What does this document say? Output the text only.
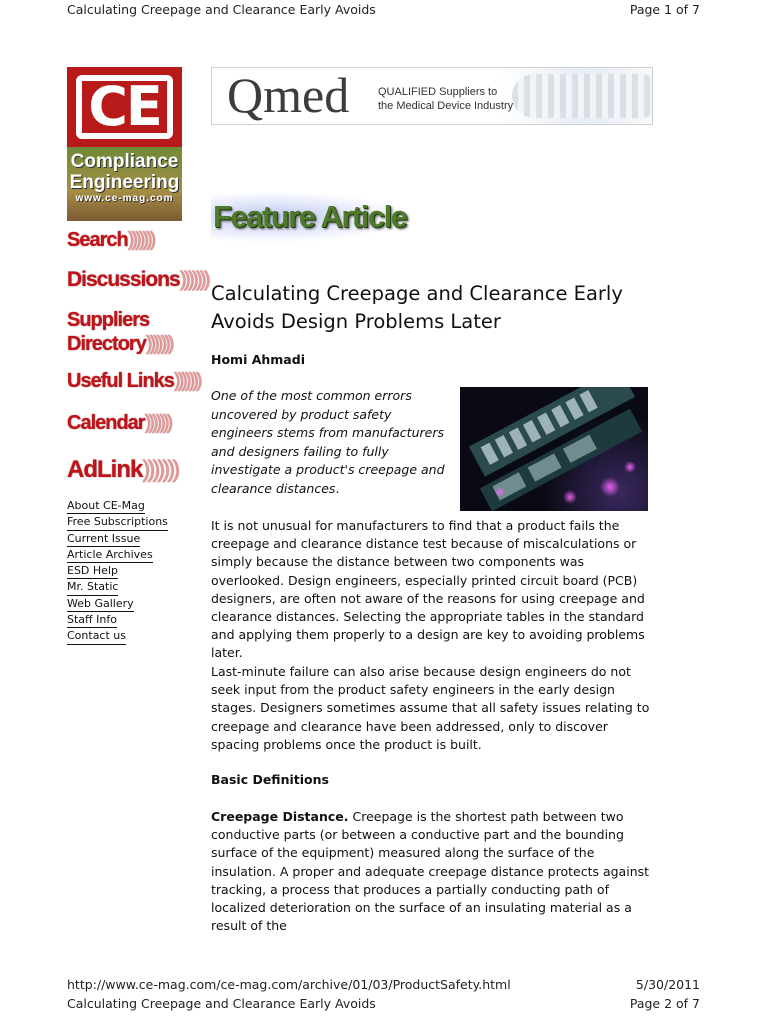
Calculating Creepage and Clearance Early Avoids	Page 1 of 7
CE
Compliance
Engineering
www.ce-mag.com
Search)))))))
Discussions)))))))
Suppliers
Directory)))))))
Useful Links)))))))
Calendar)))))))
AdLink)))))))
About CE-Mag
Free Subscriptions
Current Issue
Article Archives
ESD Help
Mr. Static
Web Gallery
Staff Info
Contact us
Qmed	QUALIFIED Suppliers to
the Medical Device Industry
Feature Article
Calculating Creepage and Clearance Early Avoids Design Problems Later
Homi Ahmadi

One of the most common errors uncovered by product safety engineers stems from manufacturers and designers failing to fully investigate a product's creepage and clearance distances.

It is not unusual for manufacturers to find that a product fails the creepage and clearance distance test because of miscalculations or simply because the distance between two components was overlooked. Design engineers, especially printed circuit board (PCB) designers, are often not aware of the reasons for using creepage and clearance distances. Selecting the appropriate tables in the standard and applying them properly to a design are key to avoiding problems later.

Last-minute failure can also arise because design engineers do not seek input from the product safety engineers in the early design stages. Designers sometimes assume that all safety issues relating to creepage and clearance have been addressed, only to discover spacing problems once the product is built.

Basic Definitions

Creepage Distance. Creepage is the shortest path between two conductive parts (or between a conductive part and the bounding surface of the equipment) measured along the surface of the insulation. A proper and adequate creepage distance protects against tracking, a process that produces a partially conducting path of localized deterioration on the surface of an insulating material as a result of the

http://www.ce-mag.com/ce-mag.com/archive/01/03/ProductSafety.html	5/30/2011
Calculating Creepage and Clearance Early Avoids	Page 2 of 7
